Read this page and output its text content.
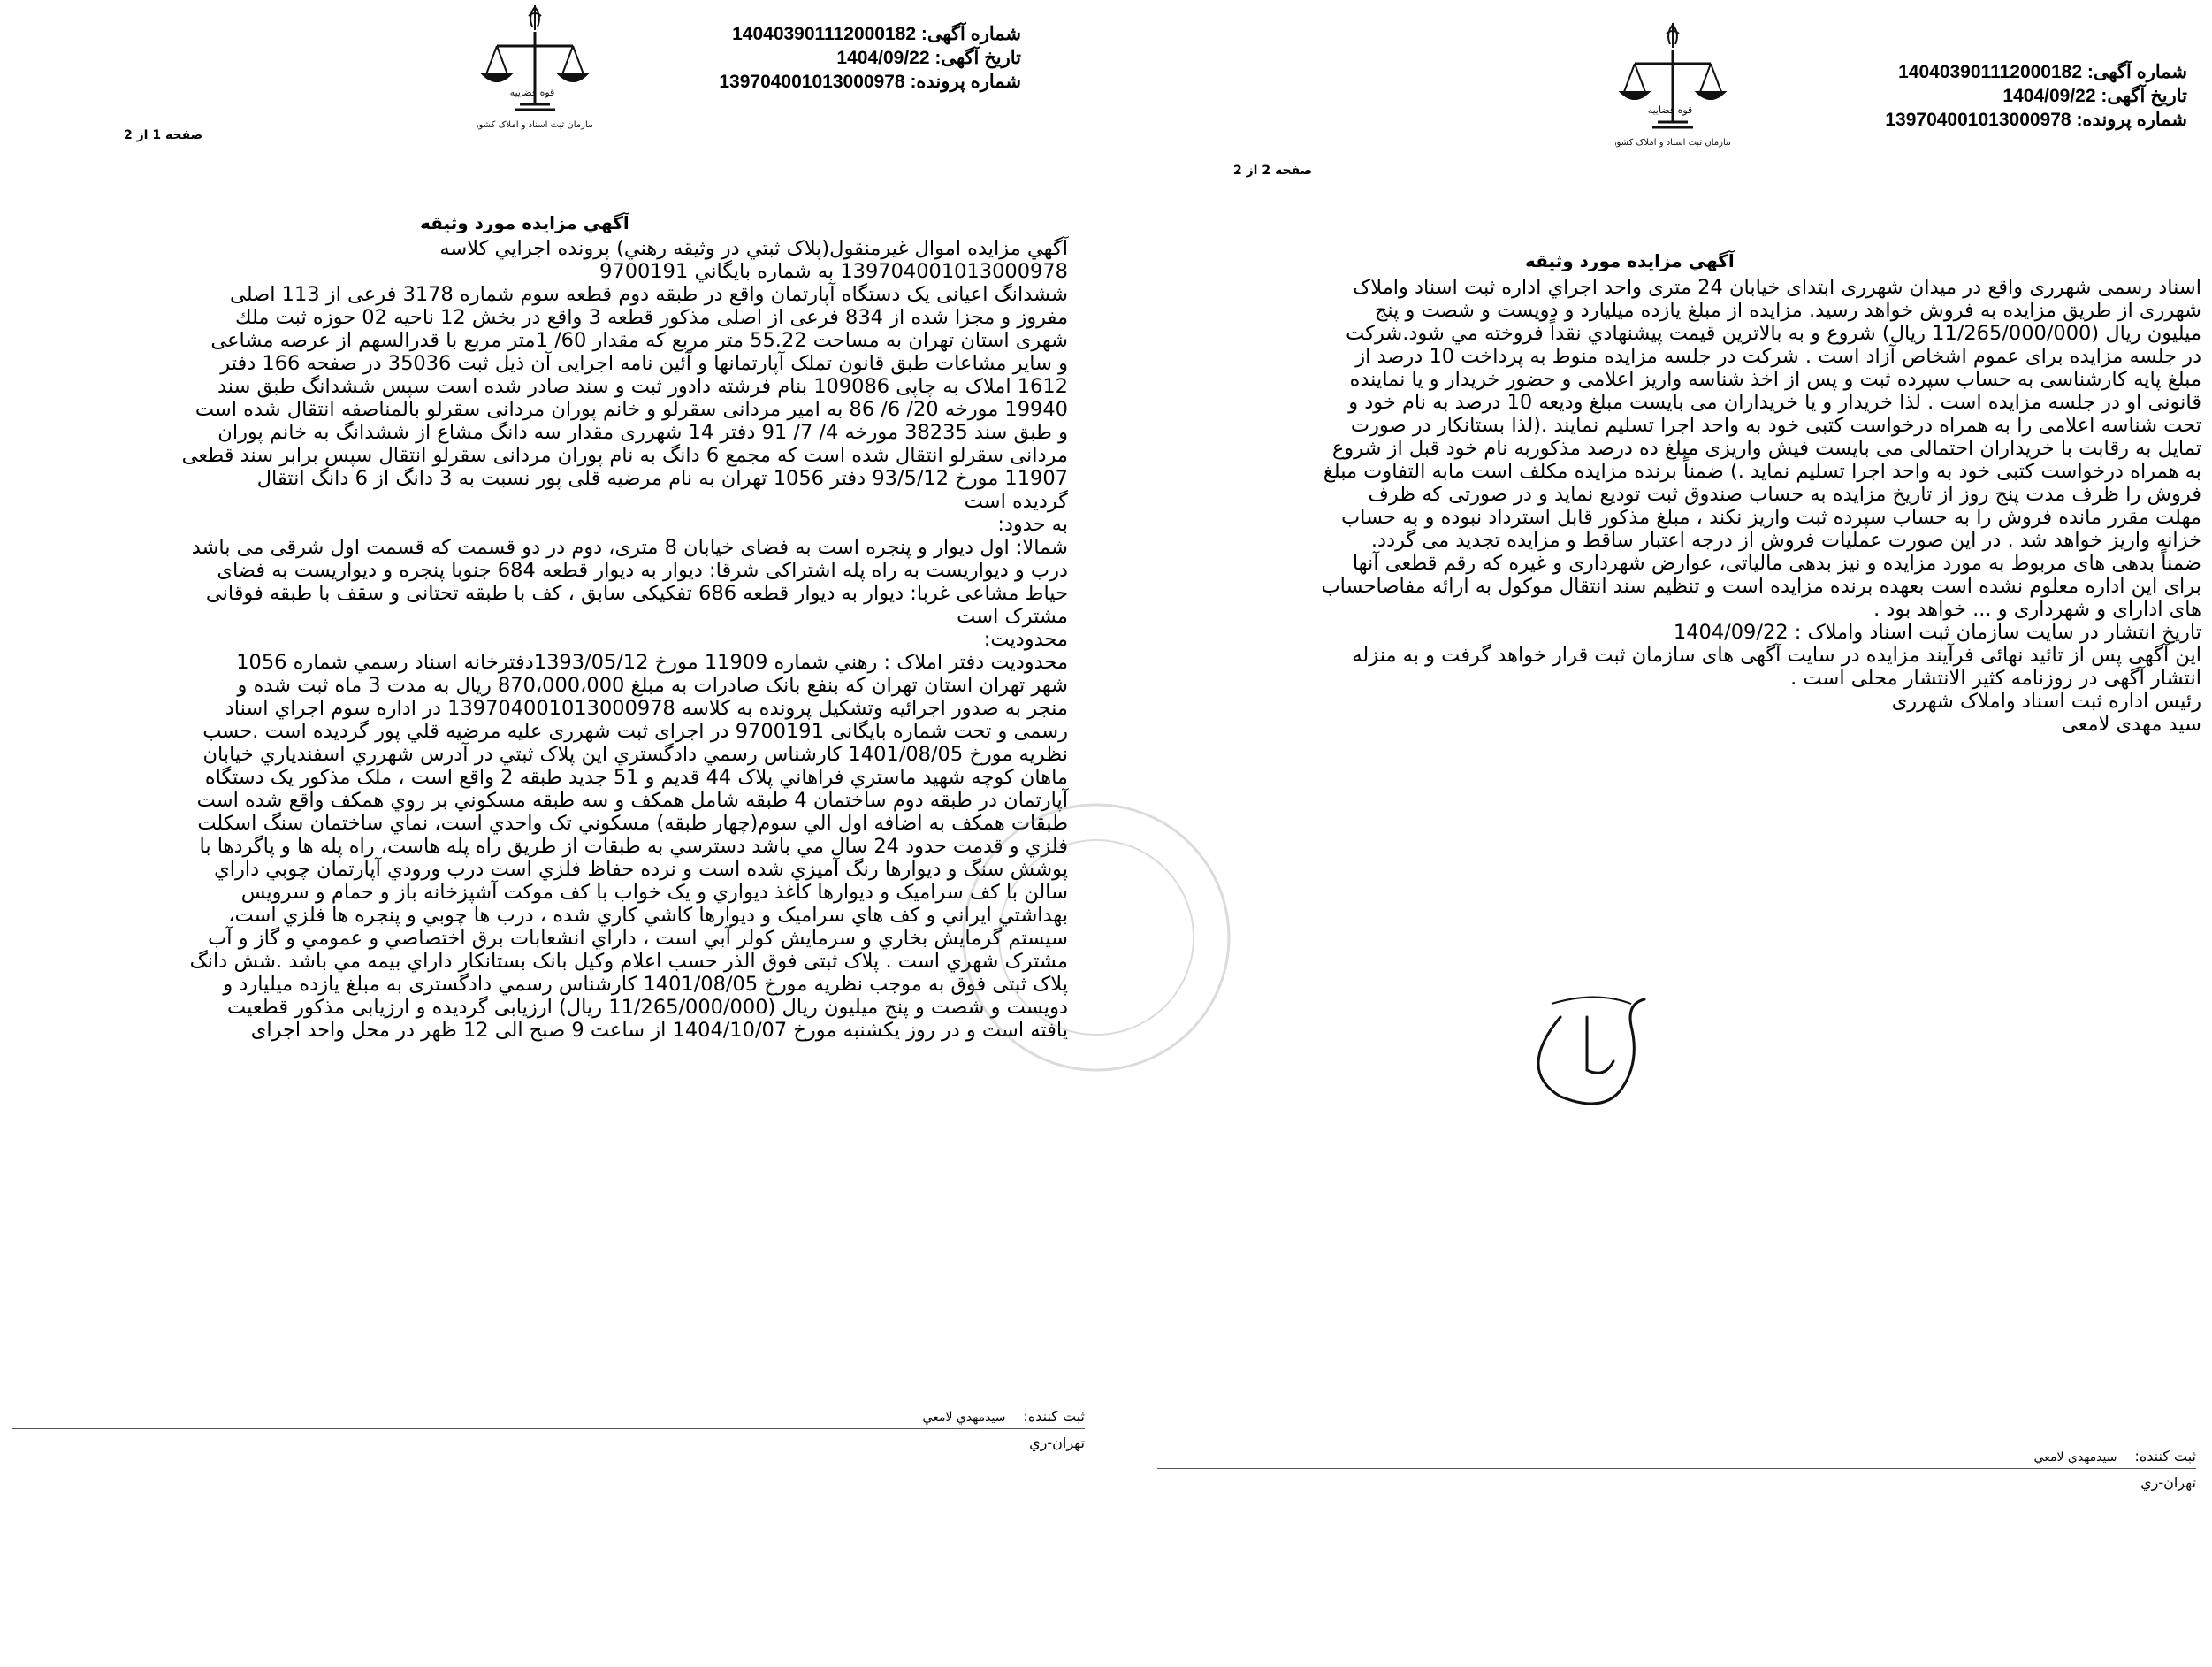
قوه قضاییه
سازمان ثبت اسناد و املاک کشور
شماره آگهی: 140403901112000182
تاریخ آگهی: 1404/09/22
شماره پرونده: 139704001013000978
صفحه 1 از 2
آگهي مزايده مورد وثيقه
آگهي مزايده اموال غيرمنقول(پلاک ثبتي در وثيقه رهني) پرونده اجرايي کلاسه
139704001013000978 به شماره بايگاني 9700191
ششدانگ اعیانی یک دستگاه آپارتمان واقع در طبقه دوم قطعه سوم شماره 3178 فرعی از 113 اصلی
مفروز و مجزا شده از 834 فرعی از اصلی مذکور قطعه 3 واقع در بخش 12 ناحیه 02 حوزه ثبت ملك
شهری استان تهران به مساحت 55.22 متر مربع که مقدار 60/ 1متر مربع با قدرالسهم از عرصه مشاعی
و سایر مشاعات طبق قانون تملک آپارتمانها و آئین نامه اجرایی آن ذیل ثبت 35036 در صفحه 166 دفتر
1612 املاک به چاپی 109086 بنام فرشته دادور ثبت و سند صادر شده است سپس ششدانگ طبق سند
19940 مورخه 20/ 6/ 86 به امیر مردانی سقرلو و خانم پوران مردانی سقرلو بالمناصفه انتقال شده است
و طبق سند 38235 مورخه 4/ 7/ 91 دفتر 14 شهرری مقدار سه دانگ مشاع از ششدانگ به خانم پوران
مردانی سقرلو انتقال شده است که مجمع 6 دانگ به نام پوران مردانی سقرلو انتقال سپس برابر سند قطعی
11907 مورخ 93/5/12 دفتر 1056 تهران به نام مرضیه قلی پور نسبت به 3 دانگ از 6 دانگ انتقال
گردیده است
به حدود:
شمالا: اول دیوار و پنجره است به فضای خیابان 8 متری، دوم در دو قسمت که قسمت اول شرقی می باشد
درب و دیواریست به راه پله اشتراکی شرقا: دیوار به دیوار قطعه 684 جنوبا پنجره و دیواریست به فضای
حیاط مشاعی غربا: دیوار به دیوار قطعه 686 تفکیکی سابق ، کف با طبقه تحتانی و سقف با طبقه فوقانی
مشترک است
محدودیت:
محدودیت دفتر املاک : رهني شماره 11909 مورخ 1393/05/12دفترخانه اسناد رسمي شماره 1056
شهر تهران استان تهران که بنفع بانک صادرات به مبلغ 870،000،000 ريال به مدت 3 ماه ثبت شده و
منجر به صدور اجرائيه وتشکيل پرونده به کلاسه 139704001013000978 در اداره سوم اجراي اسناد
رسمی و تحت شماره بايگانی 9700191 در اجرای ثبت شهرری عليه مرضيه قلي پور گرديده است .حسب
نظريه مورخ 1401/08/05 کارشناس رسمي دادگستري اين پلاک ثبتي در آدرس شهرري اسفندياري خيابان
ماهان کوچه شهيد ماستري فراهاني پلاک 44 قديم و 51 جديد طبقه 2 واقع است ، ملک مذکور يک دستگاه
آپارتمان در طبقه دوم ساختمان 4 طبقه شامل همکف و سه طبقه مسکوني بر روي همکف واقع شده است
طبقات همکف به اضافه اول الي سوم(چهار طبقه) مسکوني تک واحدي است، نماي ساختمان سنگ اسکلت
فلزي و قدمت حدود 24 سال مي باشد دسترسي به طبقات از طريق راه پله هاست، راه پله ها و پاگردها با
پوشش سنگ و ديوارها رنگ آميزي شده است و نرده حفاظ فلزي است درب ورودي آپارتمان چوبي داراي
سالن با کف سراميک و ديوارها کاغذ ديواري و يک خواب با کف موکت آشپزخانه باز و حمام و سرويس
بهداشتي ايراني و کف هاي سراميک و ديوارها کاشي کاري شده ، درب ها چوبي و پنجره ها فلزي است،
سيستم گرمايش بخاري و سرمايش کولر آبي است ، داراي انشعابات برق اختصاصي و عمومي و گاز و آب
مشترک شهري است . پلاک ثبتی فوق الذر حسب اعلام وکيل بانک بستانکار داراي بيمه مي باشد .شش دانگ
پلاک ثبتی فوق به موجب نظريه مورخ 1401/08/05 کارشناس رسمي دادگستری به مبلغ يازده ميليارد و
دويست و شصت و پنج ميليون ريال (11/265/000/000 ريال) ارزيابی گرديده و ارزيابی مذکور قطعيت
يافته است و در روز يکشنبه مورخ 1404/10/07 از ساعت 9 صبح الی 12 ظهر در محل واحد اجرای
ثبت کننده:
سيدمهدي لامعي
تهران-ري
قوه قضاییه
سازمان ثبت اسناد و املاک کشور
شماره آگهی: 140403901112000182
تاریخ آگهی: 1404/09/22
شماره پرونده: 139704001013000978
صفحه 2 از 2
آگهي مزايده مورد وثيقه
اسناد رسمی شهرری واقع در میدان شهرری ابتدای خیابان 24 متری واحد اجراي اداره ثبت اسناد واملاک
شهرری از طریق مزایده به فروش خواهد رسید. مزایده از مبلغ یازده میلیارد و دویست و شصت و پنج
میلیون ریال (11/265/000/000 ریال) شروع و به بالاترين قيمت پيشنهادي نقداً فروخته مي شود.شرکت
در جلسه مزایده برای عموم اشخاص آزاد است . شرکت در جلسه مزایده منوط به پرداخت 10 درصد از
مبلغ پایه کارشناسی به حساب سپرده ثبت و پس از اخذ شناسه واریز اعلامی و حضور خریدار و یا نماینده
قانونی او در جلسه مزایده است . لذا خریدار و یا خریداران می بایست مبلغ ودیعه 10 درصد به نام خود و
تحت شناسه اعلامی را به همراه درخواست کتبی خود به واحد اجرا تسلیم نمایند .(لذا بستانکار در صورت
تمایل به رقابت با خریداران احتمالی می بایست فیش واریزی مبلغ ده درصد مذکوربه نام خود قبل از شروع
به همراه درخواست کتبی خود به واحد اجرا تسلیم نماید .) ضمناً برنده مزایده مکلف است مابه التفاوت مبلغ
فروش را ظرف مدت پنج روز از تاریخ مزایده به حساب صندوق ثبت تودیع نماید و در صورتی که ظرف
مهلت مقرر مانده فروش را به حساب سپرده ثبت واریز نکند ، مبلغ مذکور قابل استرداد نبوده و به حساب
خزانه واریز خواهد شد . در این صورت عملیات فروش از درجه اعتبار ساقط و مزایده تجدید می گردد.
ضمناً بدهی های مربوط به مورد مزایده و نیز بدهی مالیاتی، عوارض شهرداری و غیره که رقم قطعی آنها
برای این اداره معلوم نشده است بعهده برنده مزایده است و تنظیم سند انتقال موکول به ارائه مفاصاحساب
های ادارای و شهرداری و ... خواهد بود .
تاریخ انتشار در سایت سازمان ثبت اسناد واملاک : 1404/09/22
این آگهی پس از تائید نهائی فرآیند مزایده در سایت آگهی های سازمان ثبت قرار خواهد گرفت و به منزله
انتشار آگهی در روزنامه کثیر الانتشار محلی است .
رئیس اداره ثبت اسناد واملاک شهرری
سید مهدی لامعی
ثبت کننده:
سيدمهدي لامعي
تهران-ري
